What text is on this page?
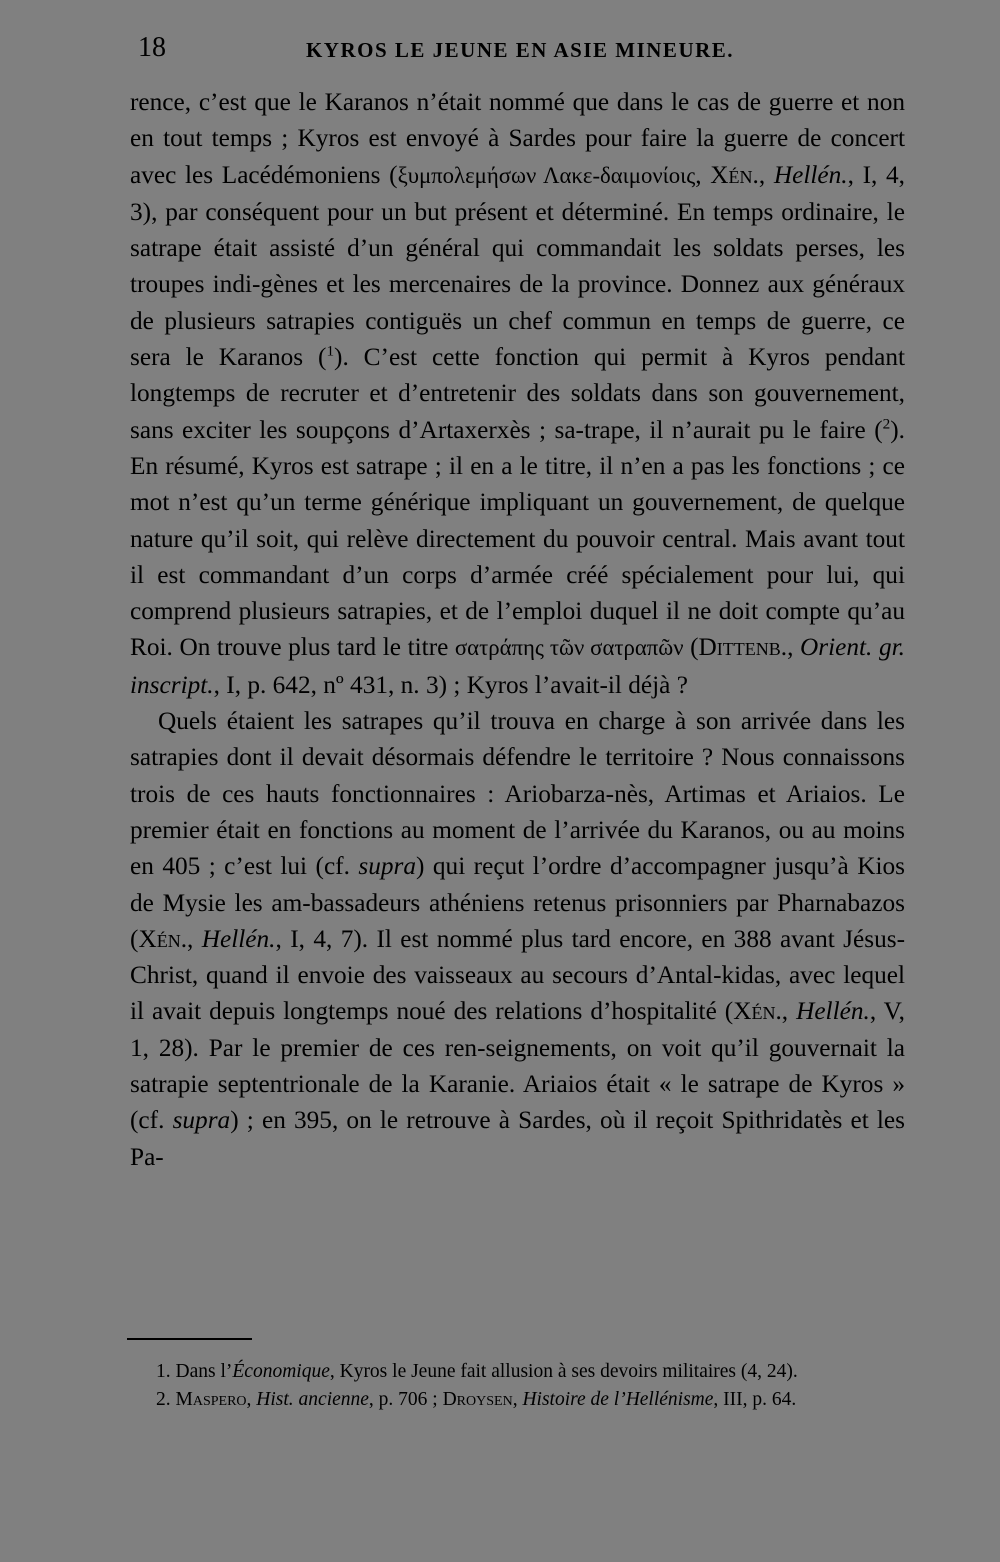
18	KYROS LE JEUNE EN ASIE MINEURE.

rence, c’est que le Karanos n’était nommé que dans le cas de guerre et non en tout temps ; Kyros est envoyé à Sardes pour faire la guerre de concert avec les Lacédémoniens (ξυμπολεμήσων Λακε-δαιμονίοις, Xén., Hellén., I, 4, 3), par conséquent pour un but présent et déterminé. En temps ordinaire, le satrape était assisté d’un général qui commandait les soldats perses, les troupes indi-gènes et les mercenaires de la province. Donnez aux généraux de plusieurs satrapies contiguës un chef commun en temps de guerre, ce sera le Karanos ($^1$). C’est cette fonction qui permit à Kyros pendant longtemps de recruter et d’entretenir des soldats dans son gouvernement, sans exciter les soupçons d’Artaxerxès ; sa-trape, il n’aurait pu le faire ($^2$). En résumé, Kyros est satrape ; il en a le titre, il n’en a pas les fonctions ; ce mot n’est qu’un terme générique impliquant un gouvernement, de quelque nature qu’il soit, qui relève directement du pouvoir central. Mais avant tout il est commandant d’un corps d’armée créé spécialement pour lui, qui comprend plusieurs satrapies, et de l’emploi duquel il ne doit compte qu’au Roi. On trouve plus tard le titre σατράπης τῶν σατραπῶν (Dittenb., Orient. gr. inscript., I, p. 642, nº 431, n. 3) ; Kyros l’avait-il déjà ?

Quels étaient les satrapes qu’il trouva en charge à son arrivée dans les satrapies dont il devait désormais défendre le territoire ? Nous connaissons trois de ces hauts fonctionnaires : Ariobarza-nès, Artimas et Ariaios. Le premier était en fonctions au moment de l’arrivée du Karanos, ou au moins en 405 ; c’est lui (cf. supra) qui reçut l’ordre d’accompagner jusqu’à Kios de Mysie les am-bassadeurs athéniens retenus prisonniers par Pharnabazos (Xén., Hellén., I, 4, 7). Il est nommé plus tard encore, en 388 avant Jésus-Christ, quand il envoie des vaisseaux au secours d’Antal-kidas, avec lequel il avait depuis longtemps noué des relations d’hospitalité (Xén., Hellén., V, 1, 28). Par le premier de ces ren-seignements, on voit qu’il gouvernait la satrapie septentrionale de la Karanie. Ariaios était « le satrape de Kyros » (cf. supra) ; en 395, on le retrouve à Sardes, où il reçoit Spithridatès et les Pa-

1. Dans l’Économique, Kyros le Jeune fait allusion à ses devoirs militaires (4, 24).

2. Maspero, Hist. ancienne, p. 706 ; Droysen, Histoire de l’Hellénisme, III, p. 64.
